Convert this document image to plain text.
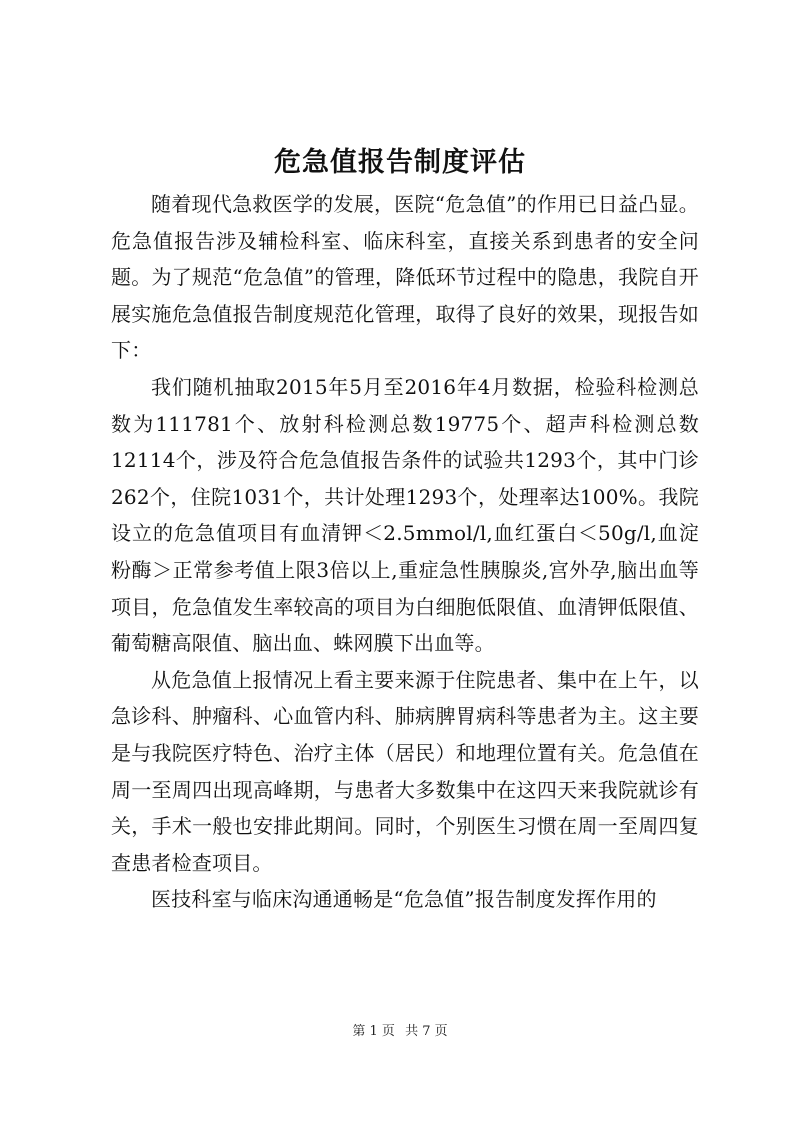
危急值报告制度评估

随着现代急救医学的发展，医院“危急值”的作用已日益凸显。危急值报告涉及辅检科室、临床科室，直接关系到患者的安全问题。为了规范“危急值”的管理，降低环节过程中的隐患，我院自开展实施危急值报告制度规范化管理，取得了良好的效果，现报告如下：

我们随机抽取2015年5月至2016年4月数据，检验科检测总数为111781个、放射科检测总数19775个、超声科检测总数12114个，涉及符合危急值报告条件的试验共1293个，其中门诊262个，住院1031个，共计处理1293个，处理率达100%。我院设立的危急值项目有血清钾＜2.5mmol/l,血红蛋白＜50g/l,血淀粉酶＞正常参考值上限3倍以上,重症急性胰腺炎,宫外孕,脑出血等项目，危急值发生率较高的项目为白细胞低限值、血清钾低限值、葡萄糖高限值、脑出血、蛛网膜下出血等。

从危急值上报情况上看主要来源于住院患者、集中在上午，以急诊科、肿瘤科、心血管内科、肺病脾胃病科等患者为主。这主要是与我院医疗特色、治疗主体（居民）和地理位置有关。危急值在周一至周四出现高峰期，与患者大多数集中在这四天来我院就诊有关，手术一般也安排此期间。同时，个别医生习惯在周一至周四复查患者检查项目。

医技科室与临床沟通通畅是“危急值”报告制度发挥作用的

第 1 页 共 7 页
